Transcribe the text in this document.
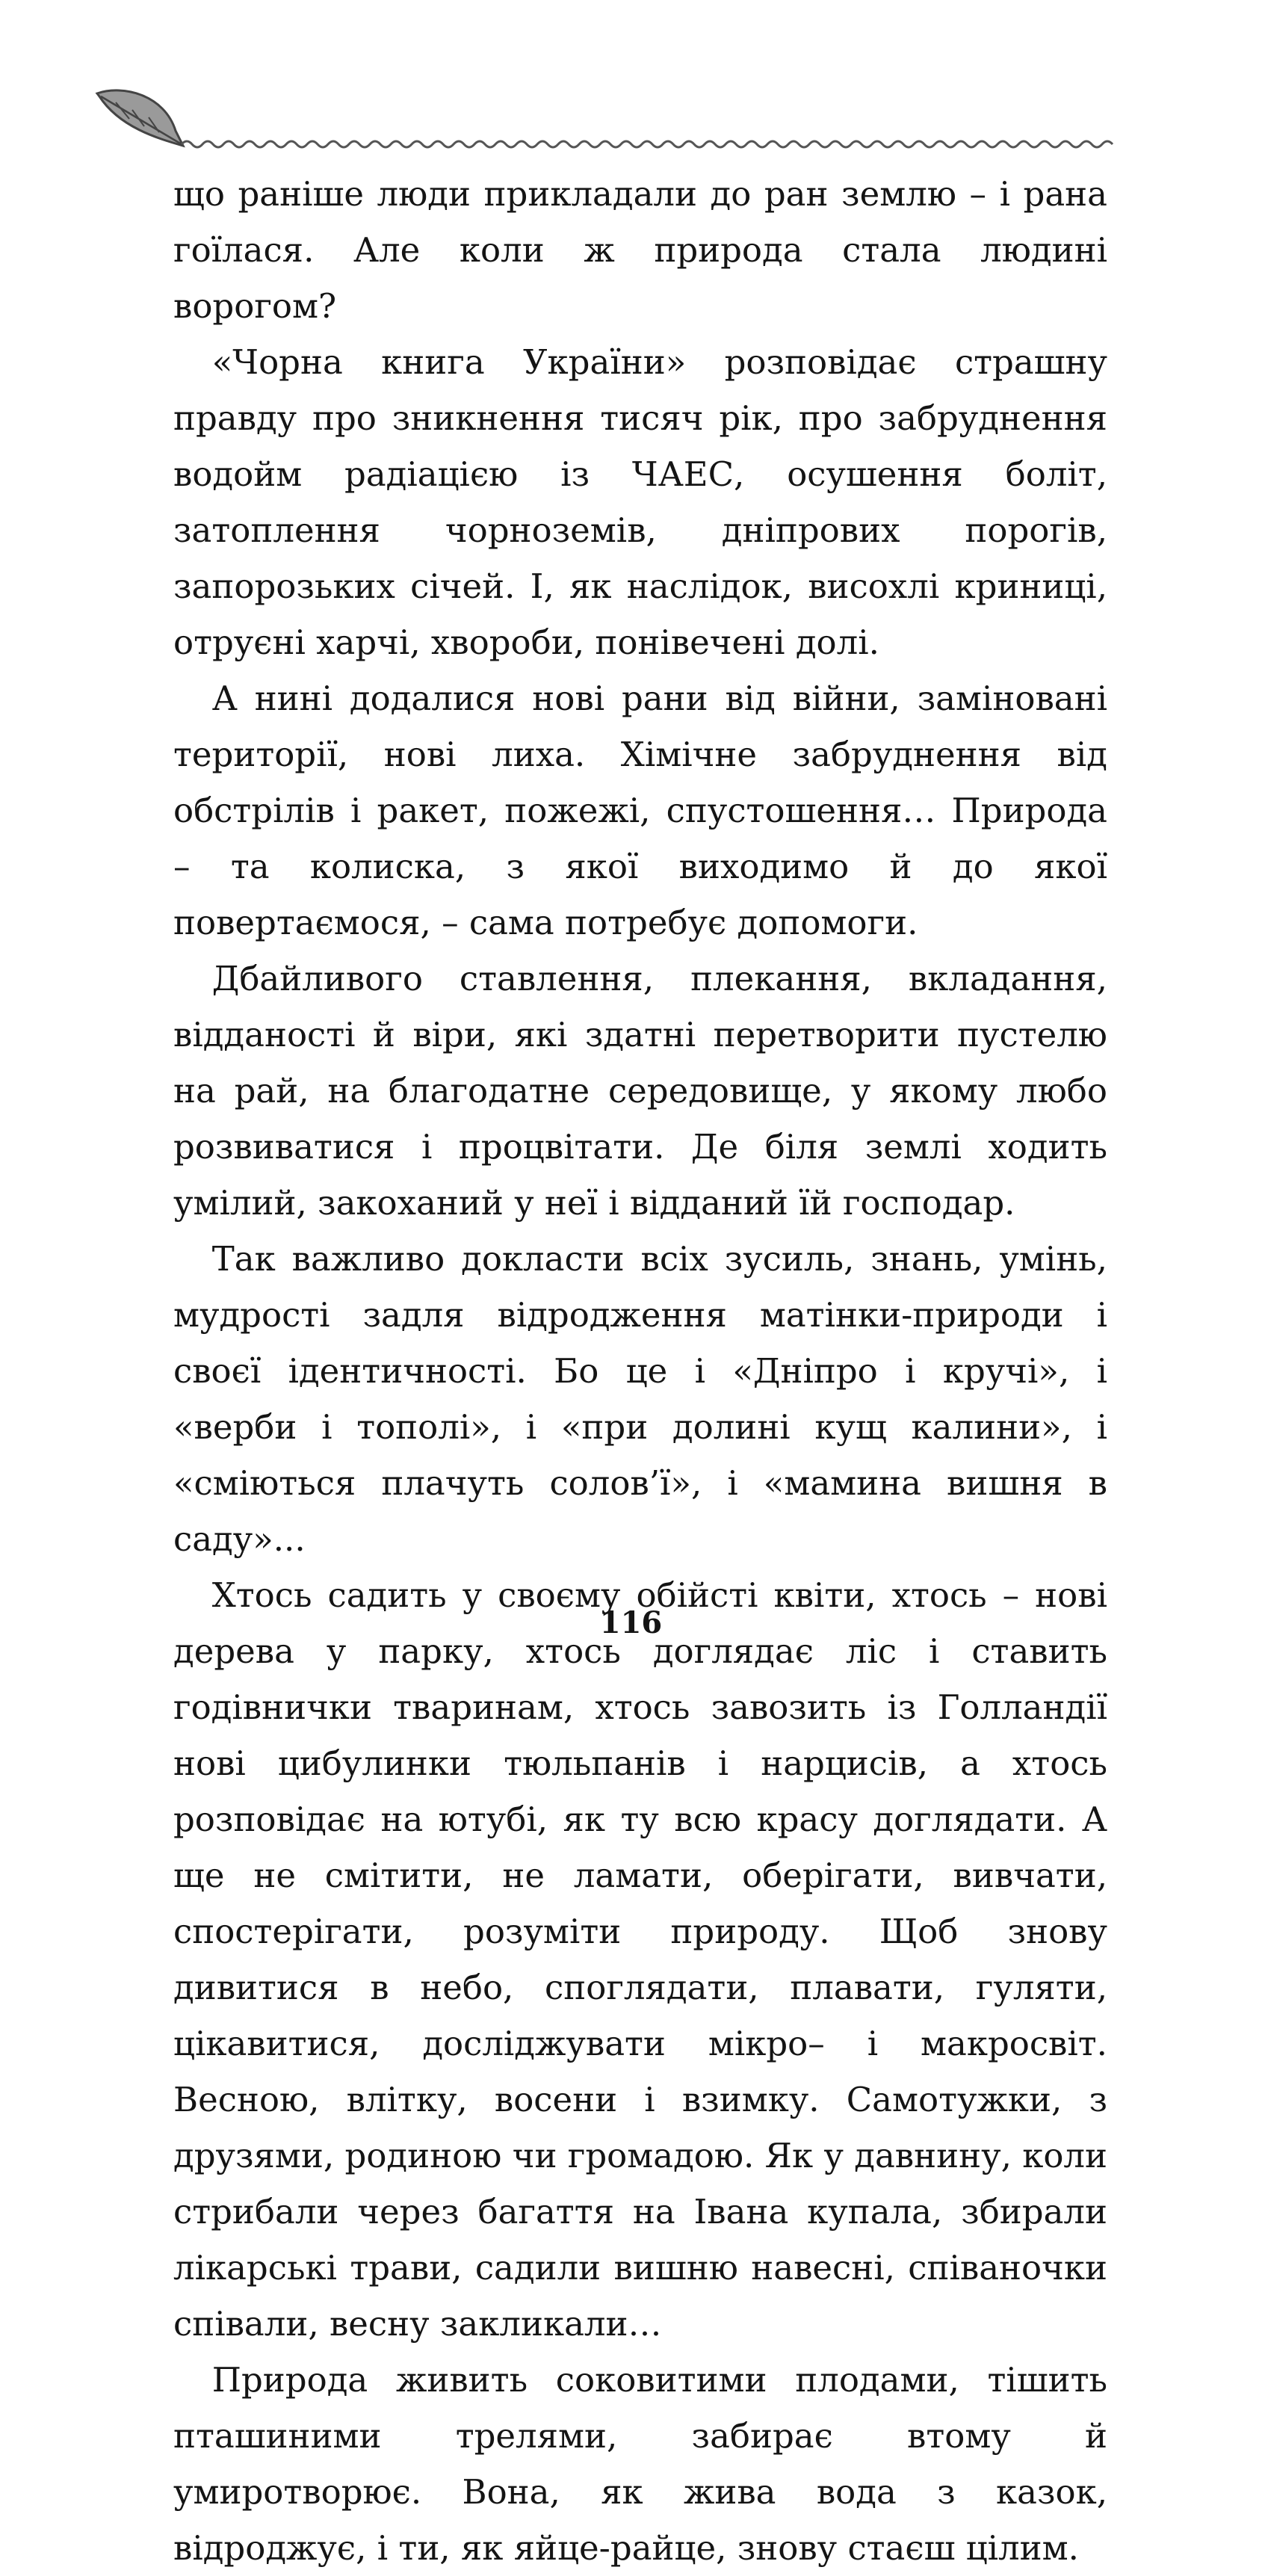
що раніше люди прикладали до ран землю – і рана гоїлася. Але коли ж природа стала людині ворогом?

«Чорна книга України» розповідає страшну правду про зникнення тисяч рік, про забруднення водойм радіацією із ЧАЕС, осушення боліт, затоплення чорноземів, дніпрових порогів, запорозьких січей. І, як наслідок, висохлі криниці, отруєні харчі, хвороби, понівечені долі.

А нині додалися нові рани від війни, заміновані території, нові лиха. Хімічне забруднення від обстрілів і ракет, пожежі, спустошення… Природа – та колиска, з якої виходимо й до якої повертаємося, – сама потребує допомоги.

Дбайливого ставлення, плекання, вкладання, відданості й віри, які здатні перетворити пустелю на рай, на благодатне середовище, у якому любо розвиватися і процвітати. Де біля землі ходить умілий, закоханий у неї і відданий їй господар.

Так важливо докласти всіх зусиль, знань, умінь, мудрості задля відродження матінки-природи і своєї ідентичності. Бо це і «Дніпро і кручі», і «верби і тополі», і «при долині кущ калини», і «сміються плачуть солов’ї», і «мамина вишня в саду»...

Хтось садить у своєму обійсті квіти, хтось – нові дерева у парку, хтось доглядає ліс і ставить годівнички тваринам, хтось завозить із Голландії нові цибулинки тюльпанів і нарцисів, а хтось розповідає на ютубі, як ту всю красу доглядати. А ще не смітити, не ламати, оберігати, вивчати, спостерігати, розуміти природу. Щоб знову дивитися в небо, споглядати, плавати, гуляти, цікавитися, досліджувати мікро– і макросвіт. Весною, влітку, восени і взимку. Самотужки, з друзями, родиною чи громадою. Як у давнину, коли стрибали через багаття на Івана купала, збирали лікарські трави, садили вишню навесні, співаночки співали, весну закликали…

Природа живить соковитими плодами, тішить пташиними трелями, забирає втому й умиротворює. Вона, як жива вода з казок, відроджує, і ти, як яйце-райце, знову стаєш цілим.

116
